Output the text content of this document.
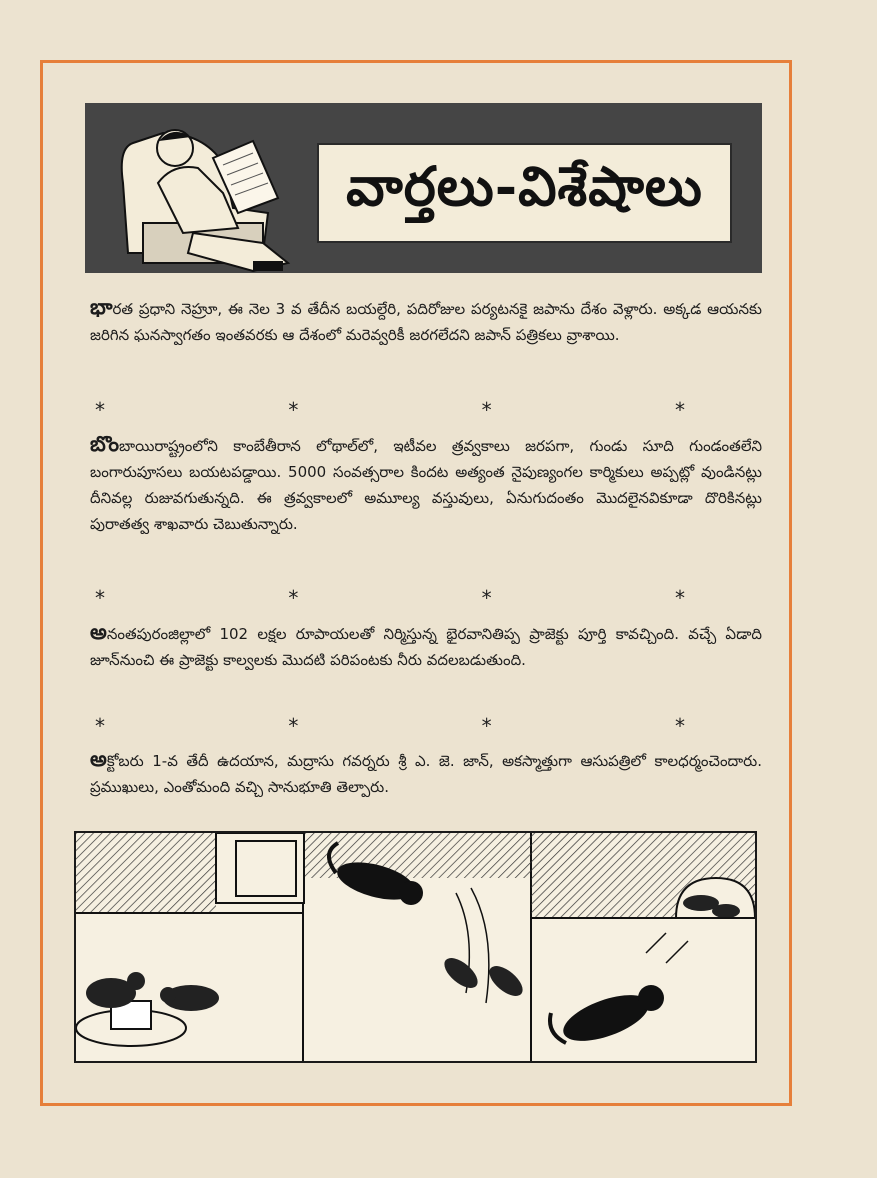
వార్తలు-విశేషాలు
భారత ప్రధాని నెహ్రూ, ఈ నెల 3 వ తేదీన బయల్దేరి, పదిరోజుల పర్యటనకై జపాను దేశం వెళ్లారు. అక్కడ ఆయనకు జరిగిన ఘనస్వాగతం ఇంతవరకు ఆ దేశంలో మరెవ్వరికీ జరగలేదని జపాన్ పత్రికలు వ్రాశాయి.
*	*	*	*
బొంబాయిరాష్ట్రంలోని కాంబేతీరాన లోథాల్‌లో, ఇటీవల త్రవ్వకాలు జరపగా, గుండు సూది గుండంతలేని బంగారుపూసలు బయటపడ్డాయి. 5000 సంవత్సరాల కిందట అత్యంత నైపుణ్యంగల కార్మికులు అప్పట్లో వుండినట్లు దీనివల్ల రుజువగుతున్నది. ఈ త్రవ్వకాలలో అమూల్య వస్తువులు, ఏనుగుదంతం మొదలైనవికూడా దొరికినట్లు పురాతత్వ శాఖవారు చెబుతున్నారు.
*	*	*	*
అనంతపురంజిల్లాలో 102 లక్షల రూపాయలతో నిర్మిస్తున్న భైరవానితిప్ప ప్రాజెక్టు పూర్తి కావచ్చింది. వచ్చే ఏడాది జూన్‌నుంచి ఈ ప్రాజెక్టు కాల్వలకు మొదటి పరిపంటకు నీరు వదలబడుతుంది.
*	*	*	*
అక్టోబరు 1-వ తేదీ ఉదయాన, మద్రాసు గవర్నరు శ్రీ ఎ. జె. జాన్, అకస్మాత్తుగా ఆసుపత్రిలో కాలధర్మంచెందారు. ప్రముఖులు, ఎంతోమంది వచ్చి సానుభూతి తెల్పారు.
